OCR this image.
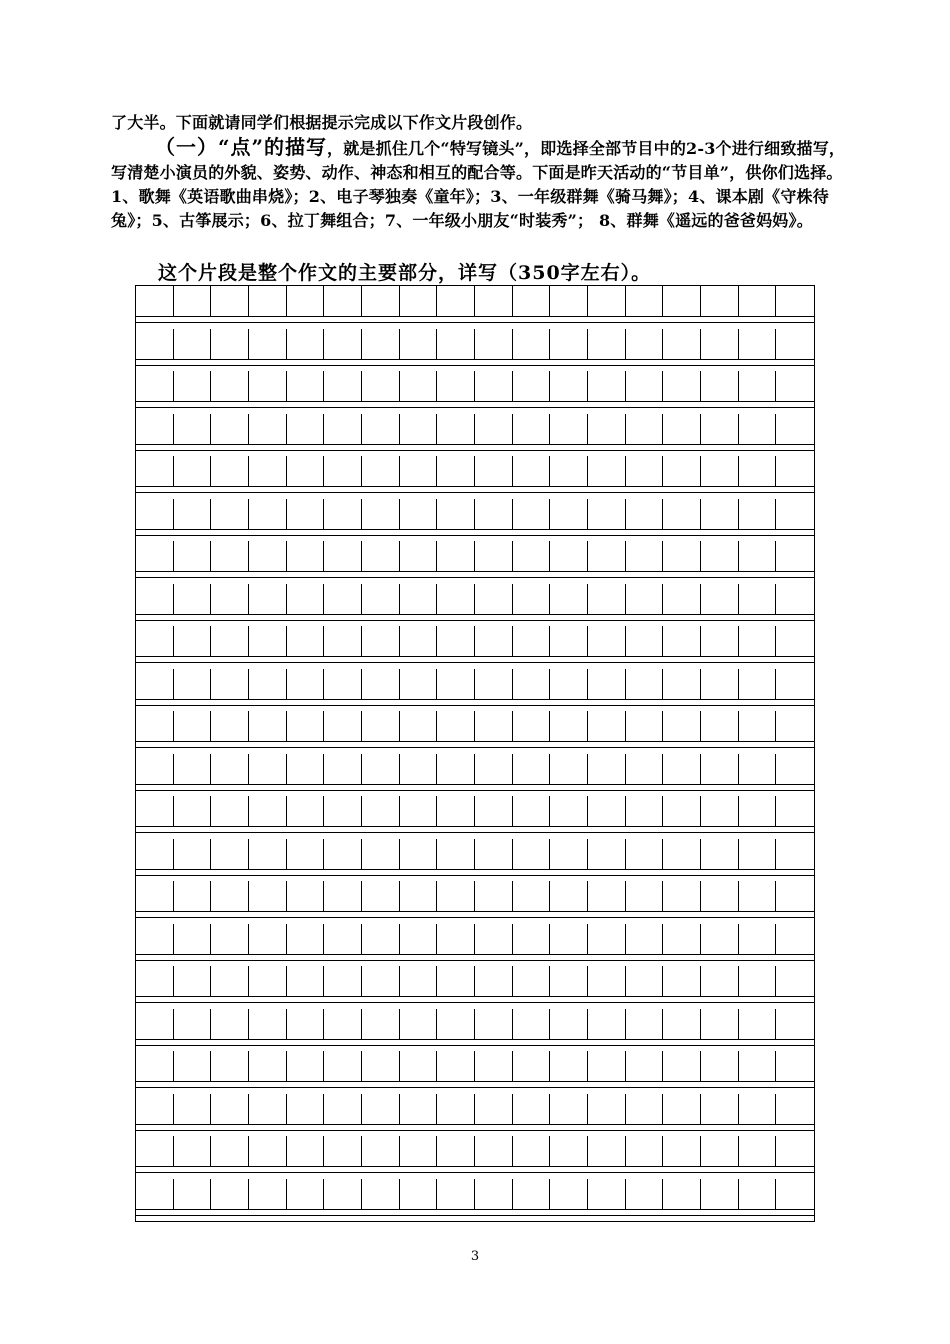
了大半。下面就请同学们根据提示完成以下作文片段创作。

（一）“点”的描写，就是抓住几个“特写镜头”，即选择全部节目中的2-3个进行细致描写，写清楚小演员的外貌、姿势、动作、神态和相互的配合等。下面是昨天活动的“节目单”，供你们选择。1、歌舞《英语歌曲串烧》；2、电子琴独奏《童年》；3、一年级群舞《骑马舞》；4、课本剧《守株待兔》；5、古筝展示；6、拉丁舞组合；7、一年级小朋友“时装秀”； 8、群舞《遥远的爸爸妈妈》。

这个片段是整个作文的主要部分，详写（350字左右）。
3
